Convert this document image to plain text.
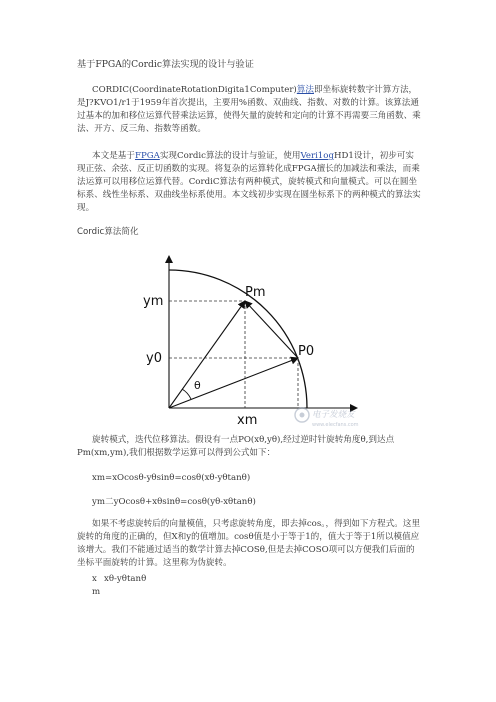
基于FPGA的Cordic算法实现的设计与验证

CORDIC(CoordinateRotationDigita1Computer)算法即坐标旋转数字计算方法，是J?KVO1/r1于1959年首次提出，主要用%函数、双曲线、指数、对数的计算。该算法通过基本的加和移位运算代替乘法运算，使得矢量的旋转和定向的计算不再需要三角函数、乘法、开方、反三角、指数等函数。

本文是基于FPGA实现Cordic算法的设计与验证，使用Veri1ogHD1设计，初步可实现正弦、余弦、反正切函数的实现。将复杂的运算转化成FPGA擅长的加减法和乘法，而乘法运算可以用移位运算代替。CordiC算法有两种模式，旋转模式和向量模式。可以在圆坐标系、线性坐标系、双曲线坐标系使用。本文线初步实现在圆坐标系下的两种模式的算法实现。

Cordic算法简化

ym
y0
Pm
P0
θ
xm	电子发烧友
www.elecfans.com

旋转模式，迭代位移算法。假设有一点PO(xθ,yθ),经过逆时针旋转角度θ,到达点Pm(xm,ym),我们根据数学运算可以得到公式如下：

xm=xOcosθ-yθsinθ=cosθ(xθ-yθtanθ)

ym二yOcosθ+xθsinθ=cosθ(yθ-xθtanθ)

如果不考虑旋转后的向量模值，只考虑旋转角度，即去掉cos。，得到如下方程式。这里旋转的角度的正确的，但X和y的值增加。cosθ值是小于等于1的，值大于等于1所以模值应该增大。我们不能通过适当的数学计算去掉COSθ,但是去掉COSO项可以方便我们后面的坐标平面旋转的计算。这里称为伪旋转。

x xθ-yθtanθ

m
